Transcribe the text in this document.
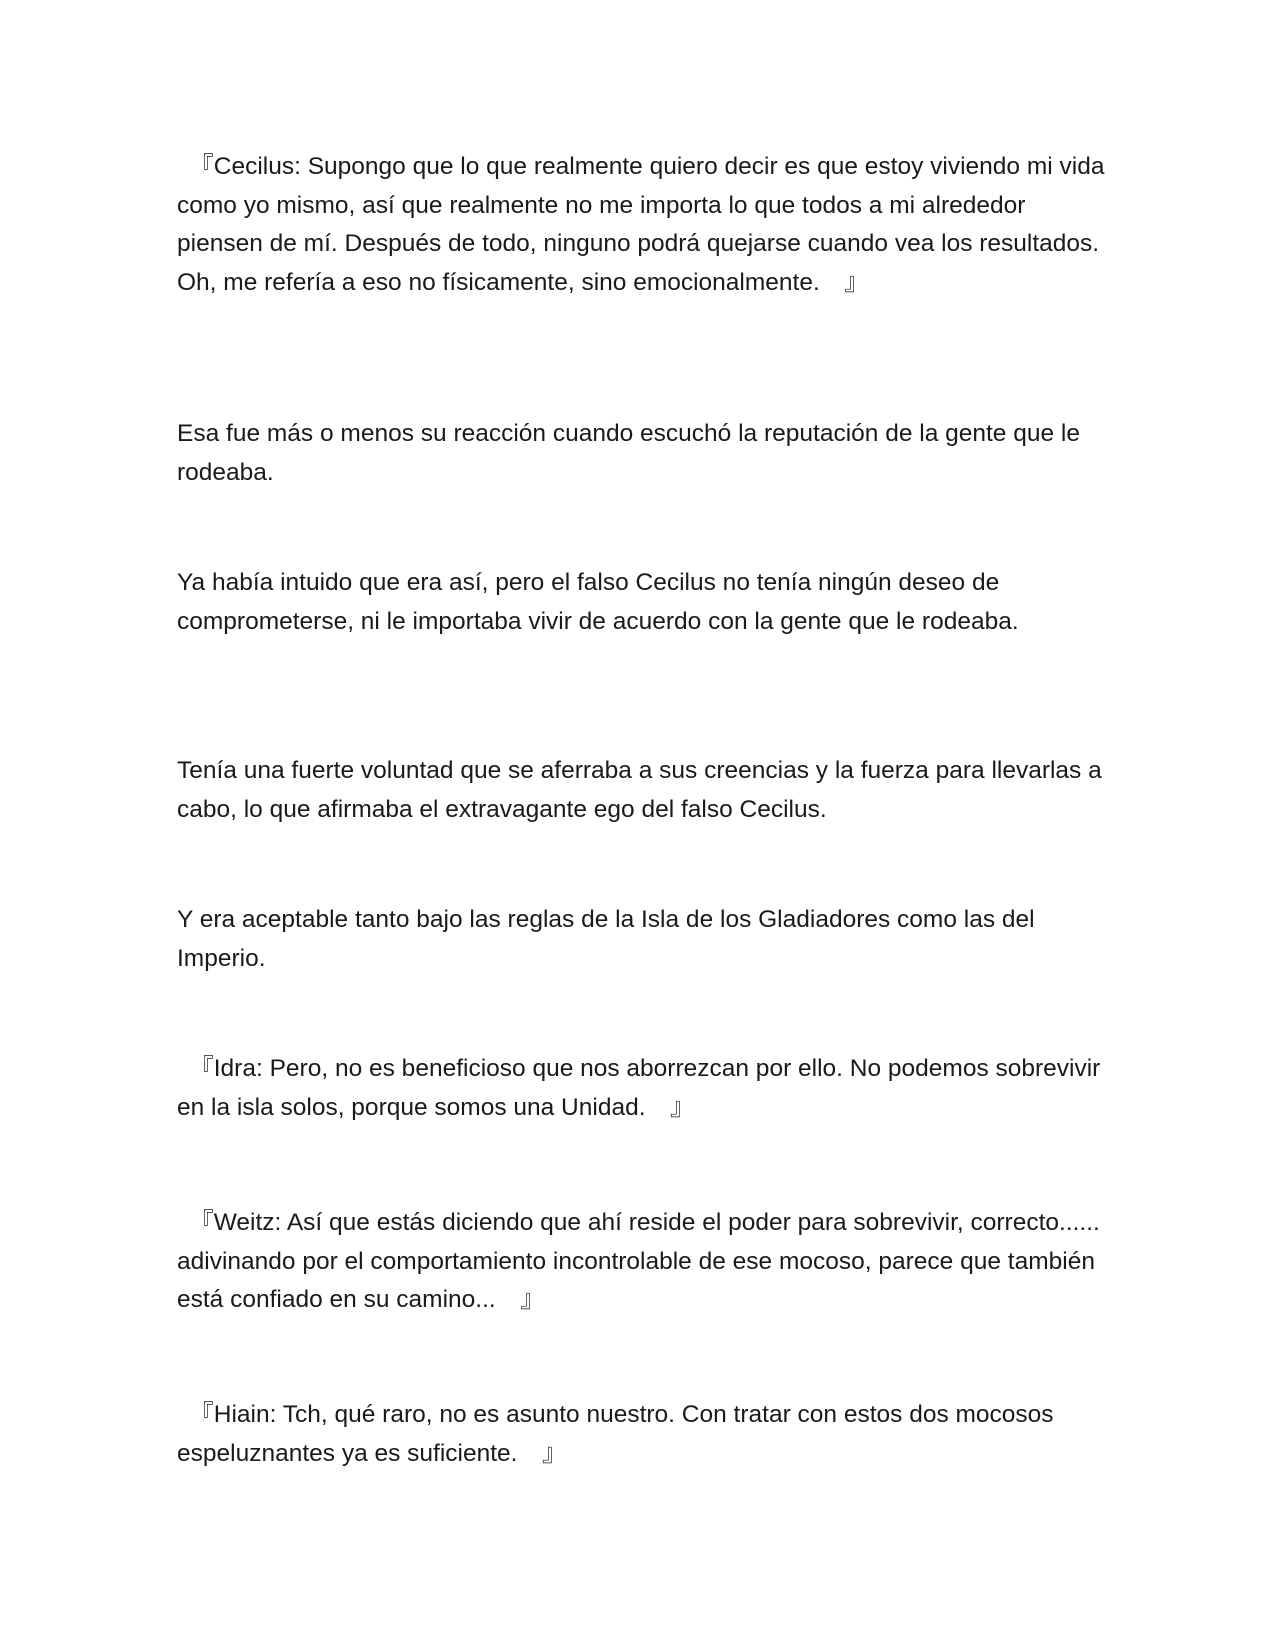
　『Cecilus: Supongo que lo que realmente quiero decir es que estoy viviendo mi vida como yo mismo, así que realmente no me importa lo que todos a mi alrededor piensen de mí. Después de todo, ninguno podrá quejarse cuando vea los resultados. Oh, me refería a eso no físicamente, sino emocionalmente.　』

Esa fue más o menos su reacción cuando escuchó la reputación de la gente que le rodeaba.

Ya había intuido que era así, pero el falso Cecilus no tenía ningún deseo de comprometerse, ni le importaba vivir de acuerdo con la gente que le rodeaba.

Tenía una fuerte voluntad que se aferraba a sus creencias y la fuerza para llevarlas a cabo, lo que afirmaba el extravagante ego del falso Cecilus.

Y era aceptable tanto bajo las reglas de la Isla de los Gladiadores como las del Imperio.

　『Idra: Pero, no es beneficioso que nos aborrezcan por ello. No podemos sobrevivir en la isla solos, porque somos una Unidad.　』

　『Weitz: Así que estás diciendo que ahí reside el poder para sobrevivir, correcto...... adivinando por el comportamiento incontrolable de ese mocoso, parece que también está confiado en su camino...　』

　『Hiain: Tch, qué raro, no es asunto nuestro. Con tratar con estos dos mocosos espeluznantes ya es suficiente.　』
